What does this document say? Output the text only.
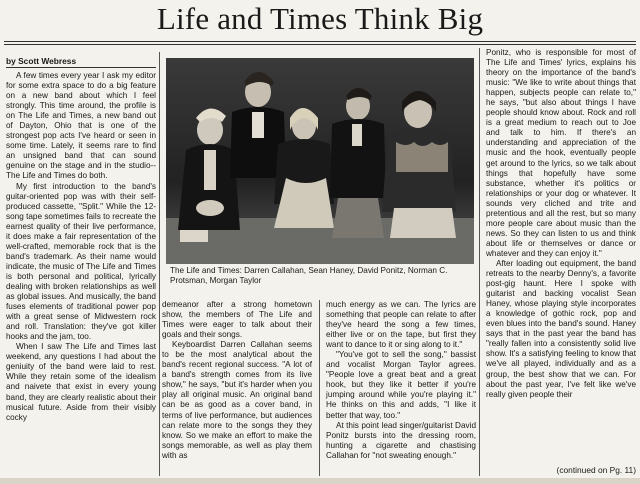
Life and Times Think Big
by Scott Webress

A few times every year I ask my editor for some extra space to do a big feature on a new band about which I feel strongly. This time around, the profile is on The Life and Times, a new band out of Dayton, Ohio that is one of the strongest pop acts I've heard or seen in some time. Lately, it seems rare to find an unsigned band that can sound genuine on the stage and in the studio--The Life and Times do both.

My first introduction to the band's guitar-oriented pop was with their self-produced cassette, "Split." While the 12-song tape sometimes fails to recreate the earnest quality of their live performance, it does make a fair representation of the well-crafted, memorable rock that is the band's trademark. As their name would indicate, the music of The Life and Times is both personal and political, lyrically dealing with broken relationships as well as global issues. And musically, the band fuses elements of traditional power pop with a great sense of Midwestern rock and roll. Translation: they've got killer hooks and the jam, too.

When I saw The Life and Times last weekend, any questions I had about the geniuity of the band were laid to rest. While they retain some of the idealism and naivete that exist in every young band, they are clearly realistic about their musical future. Aside from their visibly cocky

The Life and Times: Darren Callahan, Sean Haney, David Ponitz, Norman C. Protsman, Morgan Taylor

demeanor after a strong hometown show, the members of The Life and Times were eager to talk about their goals and their songs.

Keyboardist Darren Callahan seems to be the most analytical about the band's recent regional success. "A lot of a band's strength comes from its live show," he says, "but it's harder when you play all original music. An original band can be as good as a cover band, in terms of live performance, but audiences can relate more to the songs they they know. So we make an effort to make the songs memorable, as well as play them with as

much energy as we can. The lyrics are something that people can relate to after they've heard the song a few times, either live or on the tape, but first they want to dance to it or sing along to it."

"You've got to sell the song," bassist and vocalist Morgan Taylor agrees. "People love a great beat and a great hook, but they like it better if you're jumping around while you're playing it." He thinks on this and adds, "I like it better that way, too."

At this point lead singer/guitarist David Ponitz bursts into the dressing room, hunting a cigarette and chastising Callahan for "not sweating enough."

Ponitz, who is responsible for most of The Life and Times' lyrics, explains his theory on the importance of the band's music: "We like to write about things that happen, subjects people can relate to," he says, "but also about things I have people should know about. Rock and roll is a great medium to reach out to Joe and talk to him. If there's an understanding and appreciation of the music and the hook, eventually people get around to the lyrics, so we talk about things that hopefully have some substance, whether it's politics or relationships or your dog or whatever. It sounds very cliched and trite and pretentious and all the rest, but so many more people care about music than the news. So they can listen to us and think about life or themselves or dance or whatever and they can enjoy it."

After loading out equipment, the band retreats to the nearby Denny's, a favorite post-gig haunt. Here I spoke with guitarist and backing vocalist Sean Haney, whose playing style incorporates a knowledge of gothic rock, pop and even blues into the band's sound. Haney says that in the past year the band has "really fallen into a consistently solid live show. It's a satisfying feeling to know that we've all played, individually and as a group, the best show that we can. For about the past year, I've felt like we've really given people their

(continued on Pg. 11)
